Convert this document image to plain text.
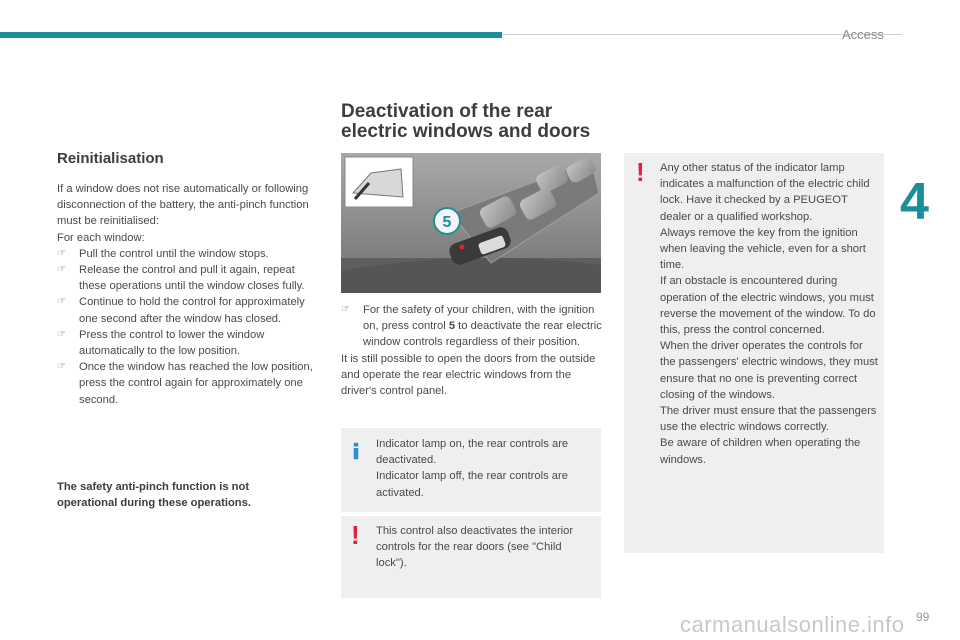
Access
4
Reinitialisation

If a window does not rise automatically or following disconnection of the battery, the anti-pinch function must be reinitialised:

For each window:

☞ Pull the control until the window stops.
☞ Release the control and pull it again, repeat these operations until the window closes fully.
☞ Continue to hold the control for approximately one second after the window has closed.
☞ Press the control to lower the window automatically to the low position.
☞ Once the window has reached the low position, press the control again for approximately one second.
The safety anti-pinch function is not operational during these operations.
Deactivation of the rear electric windows and doors
5
☞ For the safety of your children, with the ignition on, press control 5 to deactivate the rear electric window controls regardless of their position.

It is still possible to open the doors from the outside and operate the rear electric windows from the driver's control panel.

Indicator lamp on, the rear controls are deactivated.
Indicator lamp off, the rear controls are activated.
! This control also deactivates the interior controls for the rear doors (see "Child lock").
! Any other status of the indicator lamp indicates a malfunction of the electric child lock. Have it checked by a PEUGEOT dealer or a qualified workshop.
Always remove the key from the ignition when leaving the vehicle, even for a short time.
If an obstacle is encountered during operation of the electric windows, you must reverse the movement of the window. To do this, press the control concerned.
When the driver operates the controls for the passengers' electric windows, they must ensure that no one is preventing correct closing of the windows.
The driver must ensure that the passengers use the electric windows correctly.
Be aware of children when operating the windows.
carmanualsonline.info 99
